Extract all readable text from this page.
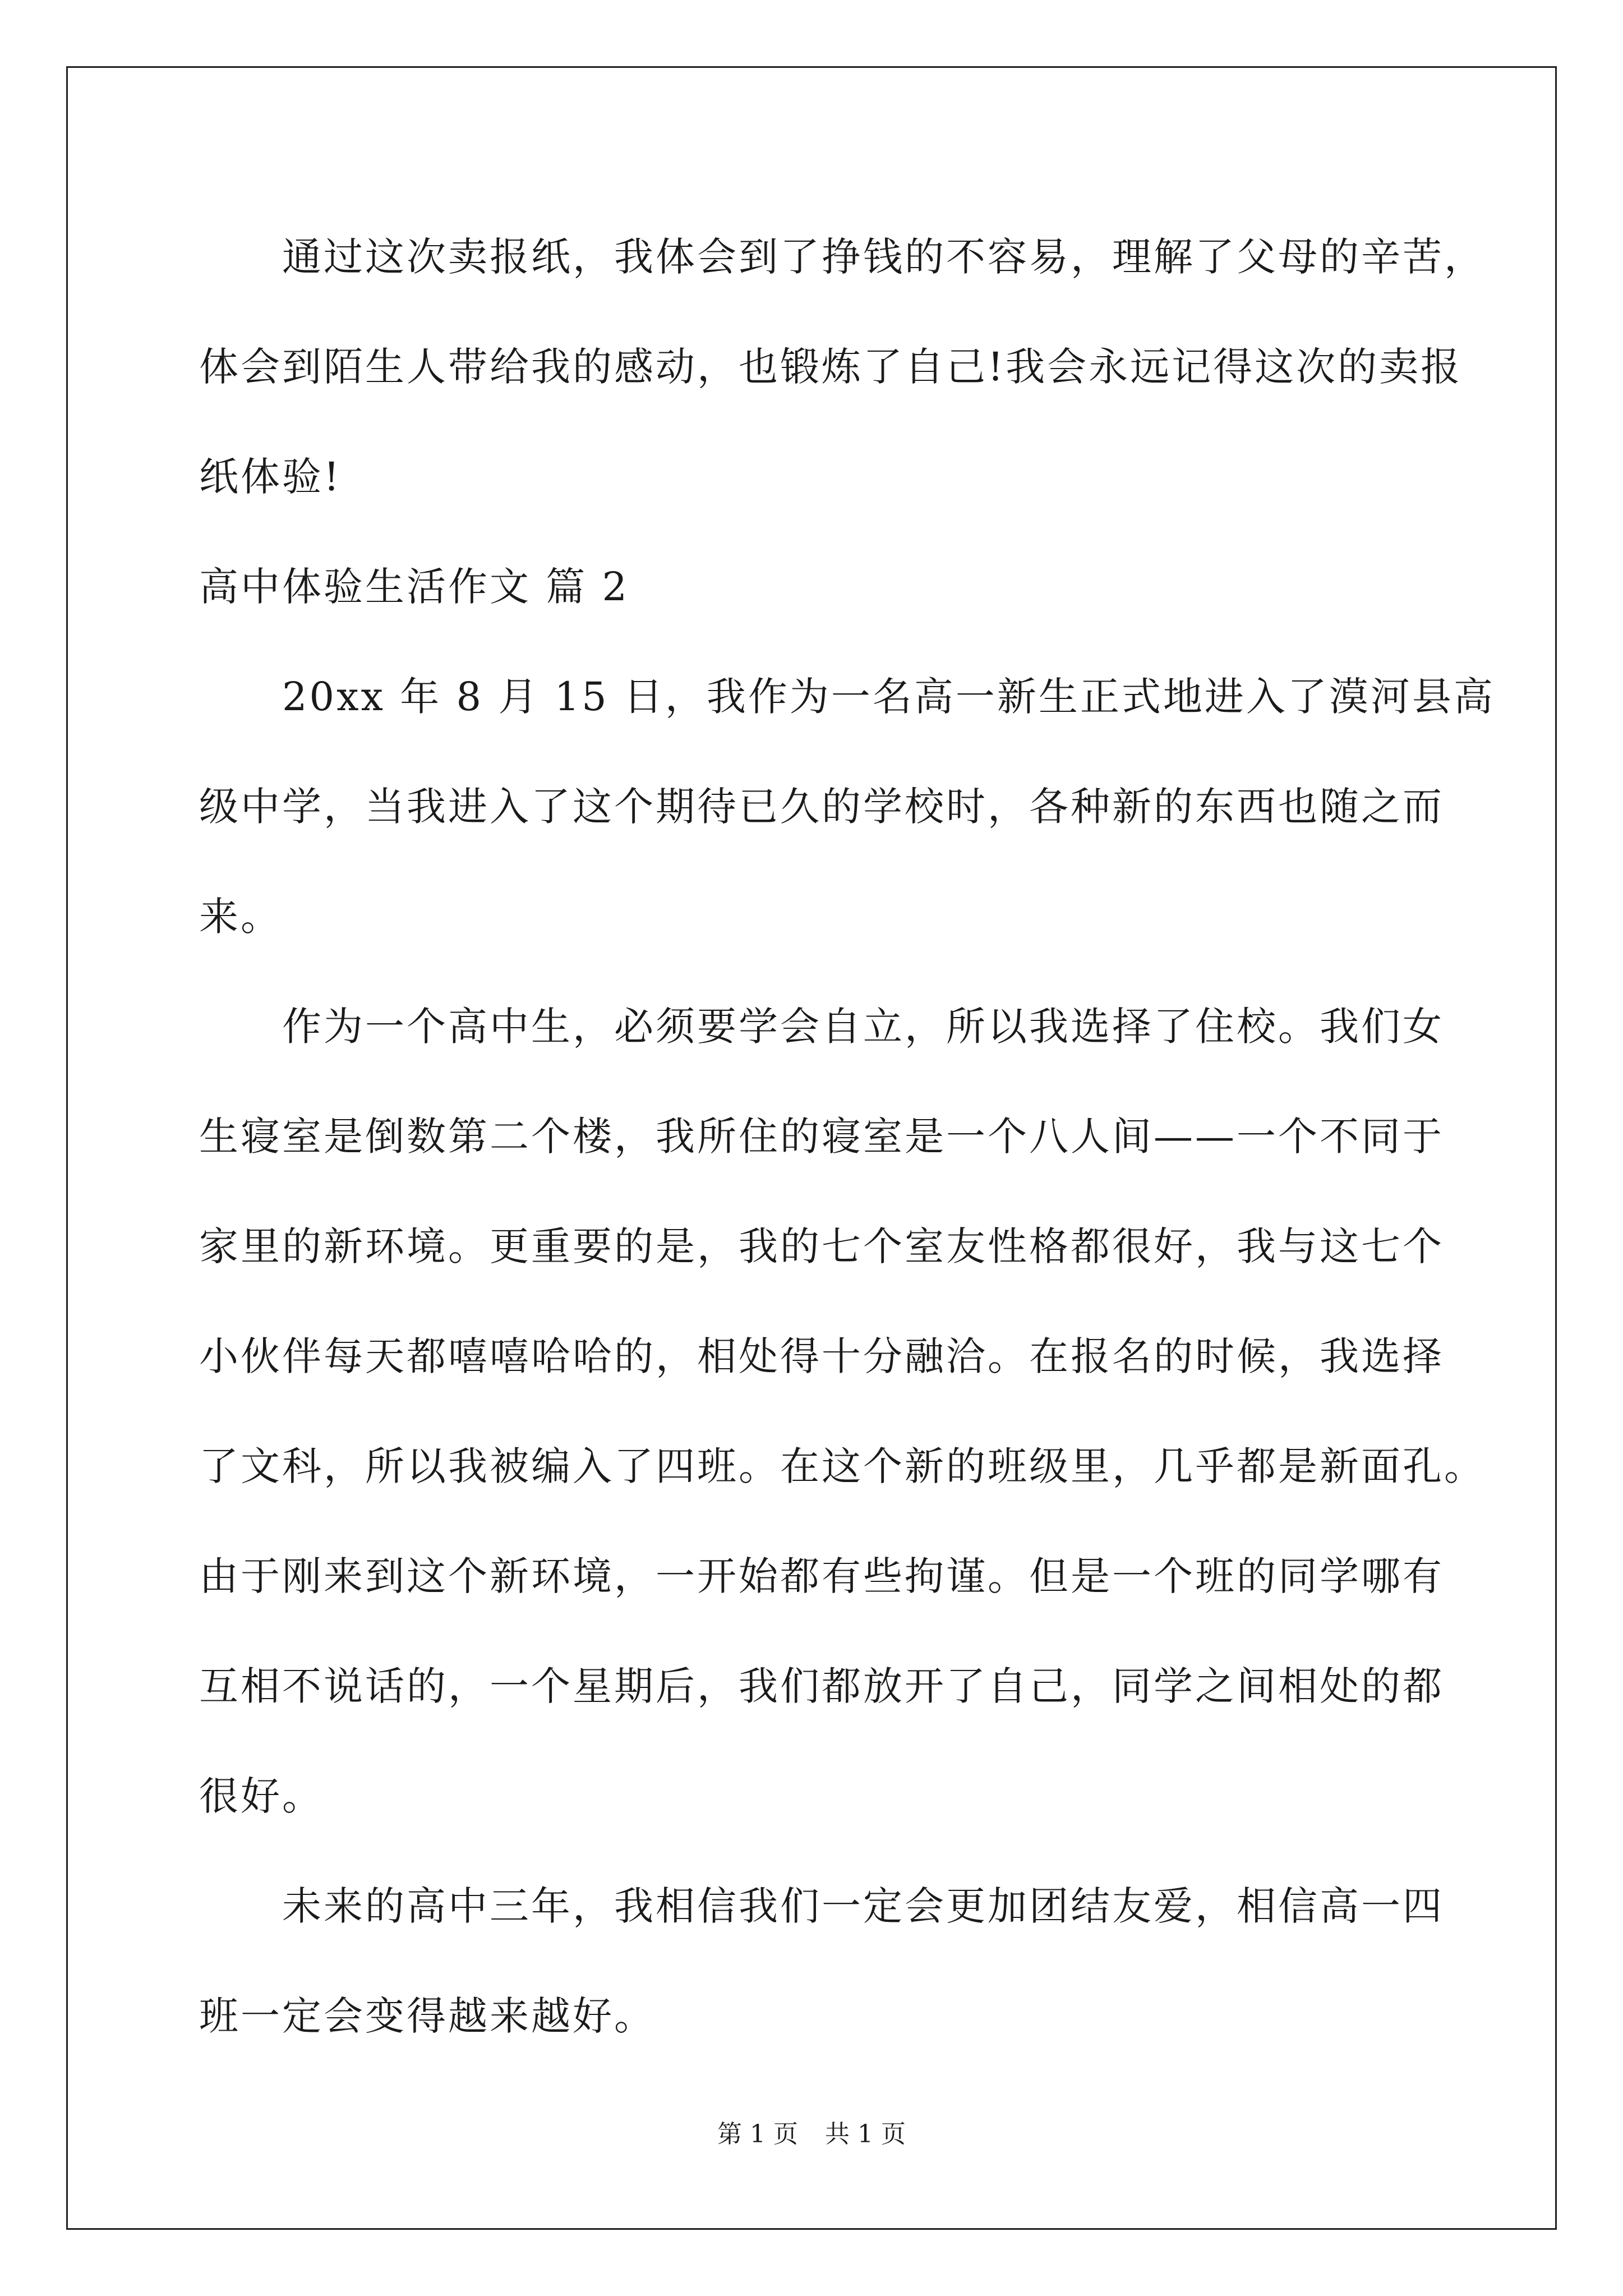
通过这次卖报纸，我体会到了挣钱的不容易，理解了父母的辛苦，
体会到陌生人带给我的感动，也锻炼了自己!我会永远记得这次的卖报
纸体验!
高中体验生活作文 篇 2
20xx 年 8 月 15 日，我作为一名高一新生正式地进入了漠河县高
级中学，当我进入了这个期待已久的学校时，各种新的东西也随之而
来。
作为一个高中生，必须要学会自立，所以我选择了住校。我们女
生寝室是倒数第二个楼，我所住的寝室是一个八人间——一个不同于
家里的新环境。更重要的是，我的七个室友性格都很好，我与这七个
小伙伴每天都嘻嘻哈哈的，相处得十分融洽。在报名的时候，我选择
了文科，所以我被编入了四班。在这个新的班级里，几乎都是新面孔。
由于刚来到这个新环境，一开始都有些拘谨。但是一个班的同学哪有
互相不说话的，一个星期后，我们都放开了自己，同学之间相处的都
很好。
未来的高中三年，我相信我们一定会更加团结友爱，相信高一四
班一定会变得越来越好。
第 1 页 共 1 页
